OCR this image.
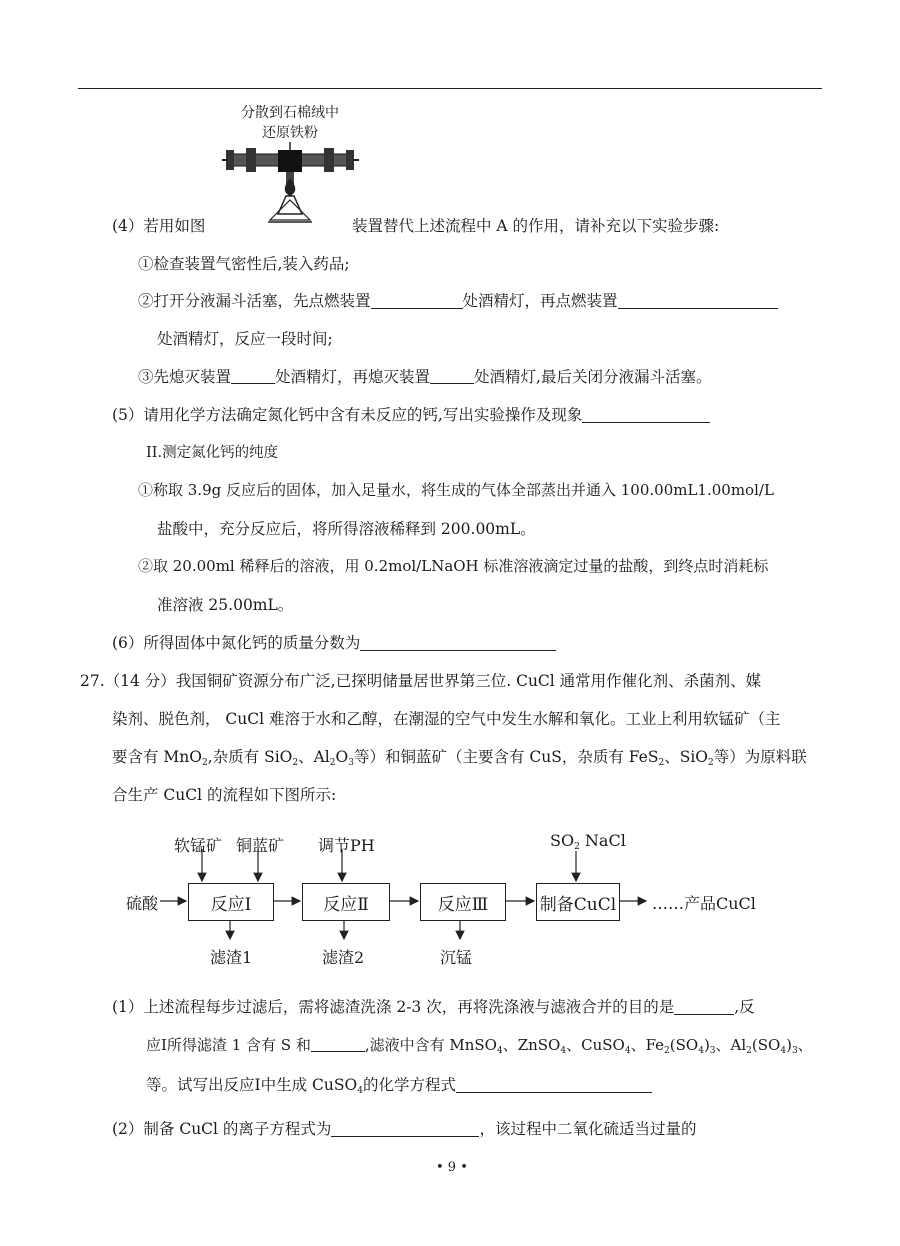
分散到石棉绒中
还原铁粉
(4）若用如图	装置替代上述流程中 A 的作用，请补充以下实验步骤:
①检查装置气密性后,装入药品;
②打开分液漏斗活塞，先点燃装置	处酒精灯，再点燃装置
处酒精灯，反应一段时间;
③先熄灭装置	处酒精灯，再熄灭装置	处酒精灯,最后关闭分液漏斗活塞。
(5）请用化学方法确定氮化钙中含有未反应的钙,写出实验操作及现象
II.测定氮化钙的纯度
①称取 3.9g 反应后的固体，加入足量水，将生成的气体全部蒸出并通入 100.00mL1.00mol/L
盐酸中，充分反应后，将所得溶液稀释到 200.00mL。
②取 20.00ml 稀释后的溶液，用 0.2mol/LNaOH 标准溶液滴定过量的盐酸，到终点时消耗标
准溶液 25.00mL。
(6）所得固体中氮化钙的质量分数为
27.（14 分）我国铜矿资源分布广泛,已探明储量居世界第三位. CuCl 通常用作催化剂、杀菌剂、媒
染剂、脱色剂， CuCl 难溶于水和乙醇，在潮湿的空气中发生水解和氧化。工业上利用软锰矿（主
要含有 MnO$_2$,杂质有 SiO$_2$、$Al_2O_3$等）和铜蓝矿（主要含有 CuS，杂质有 FeS$_2$、SiO$_2$等）为原料联
合生产 CuCl 的流程如下图所示:
硫酸
软锰矿 铜蓝矿 调节PH	$SO_2$ NaCl
反应Ⅰ	反应Ⅱ	反应Ⅲ	制备CuCl ……产品CuCl
滤渣1	滤渣2	沉锰
(1）上述流程每步过滤后，需将滤渣洗涤 2-3 次，再将洗涤液与滤液合并的目的是	,反
应Ⅰ所得滤渣 1 含有 S 和	,滤液中含有 MnSO$_4$、ZnSO$_4$、CuSO$_4$、$Fe_2(SO_4)_3$、$Al_2(SO_4)_3$、
等。试写出反应Ⅰ中生成 CuSO$_4$的化学方程式
(2）制备 CuCl 的离子方程式为	，该过程中二氧化硫适当过量的
• 9 •
